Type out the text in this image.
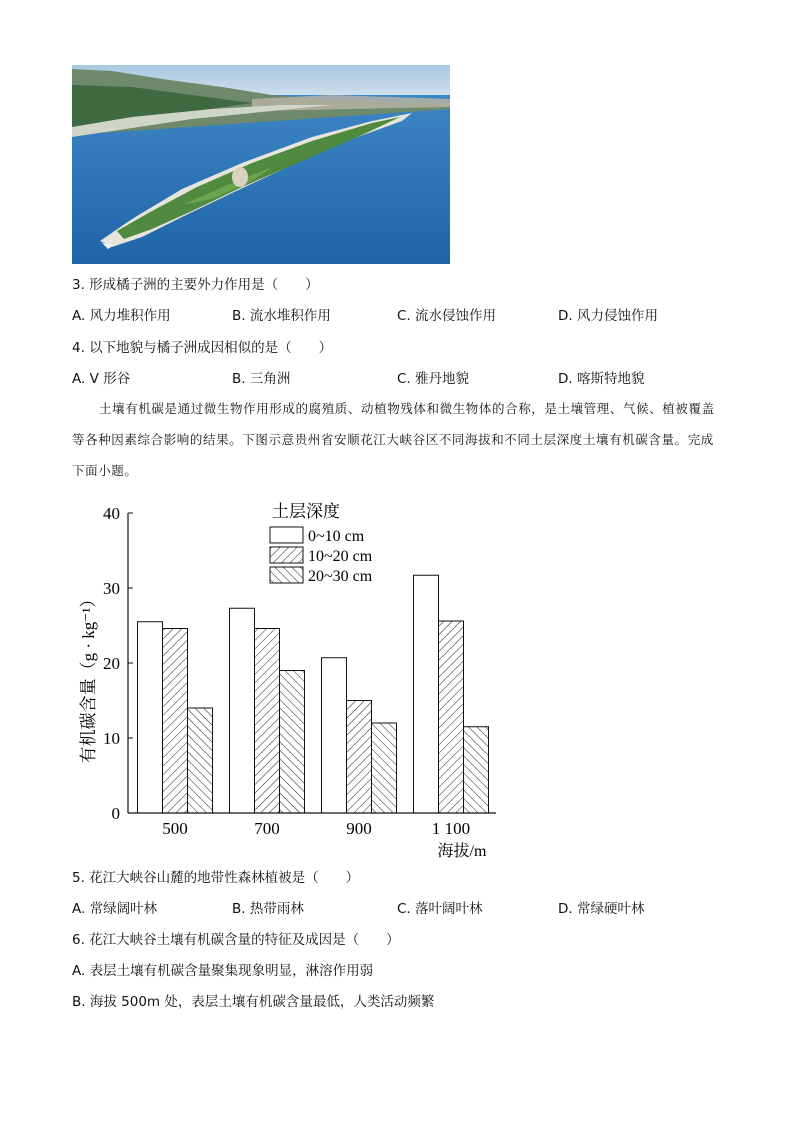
3. 形成橘子洲的主要外力作用是（　　）
A. 风力堆积作用	B. 流水堆积作用	C. 流水侵蚀作用	D. 风力侵蚀作用
4. 以下地貌与橘子洲成因相似的是（　　）
A. V 形谷	B. 三角洲	C. 雅丹地貌	D. 喀斯特地貌
土壤有机碳是通过微生物作用形成的腐殖质、动植物残体和微生物体的合称，是土壤管理、气候、植被覆盖等各种因素综合影响的结果。下图示意贵州省安顺花江大峡谷区不同海拔和不同土层深度土壤有机碳含量。完成下面小题。
0
10
20
30
40
500	700	900	1 100
0~10 cm
10~20 cm
20~30 cm
有机碳含量（g · kg⁻¹）
海拔/m
土层深度
5. 花江大峡谷山麓的地带性森林植被是（　　）
A. 常绿阔叶林	B. 热带雨林	C. 落叶阔叶林	D. 常绿硬叶林
6. 花江大峡谷土壤有机碳含量的特征及成因是（　　）
A. 表层土壤有机碳含量聚集现象明显，淋溶作用弱
B. 海拔 500m 处，表层土壤有机碳含量最低，人类活动频繁
